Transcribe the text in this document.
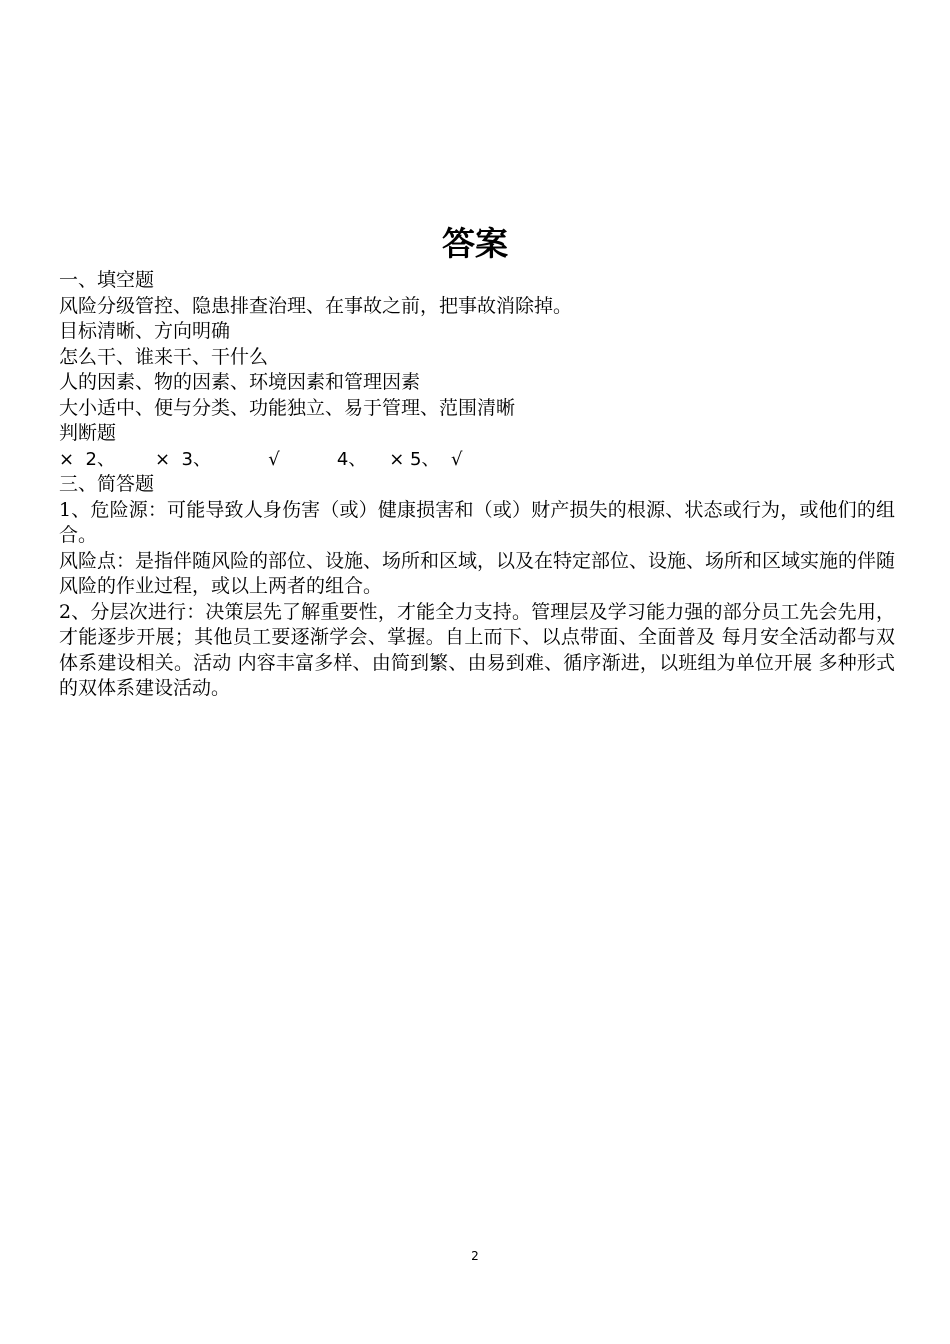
答案

一、填空题

风险分级管控、隐患排查治理、在事故之前，把事故消除掉。

目标清晰、方向明确

怎么干、谁来干、干什么

人的因素、物的因素、环境因素和管理因素

大小适中、便与分类、功能独立、易于管理、范围清晰

判断题

×  2、       ×  3、          √          4、    × 5、  √

三、简答题

1、危险源：可能导致人身伤害（或）健康损害和（或）财产损失的根源、状态或行为，或他们的组合。

风险点：是指伴随风险的部位、设施、场所和区域，以及在特定部位、设施、场所和区域实施的伴随风险的作业过程，或以上两者的组合。

2、分层次进行：决策层先了解重要性，才能全力支持。管理层及学习能力强的部分员工先会先用，才能逐步开展；其他员工要逐渐学会、掌握。自上而下、以点带面、全面普及 每月安全活动都与双体系建设相关。活动 内容丰富多样、由简到繁、由易到难、循序渐进，以班组为单位开展 多种形式的双体系建设活动。

2
